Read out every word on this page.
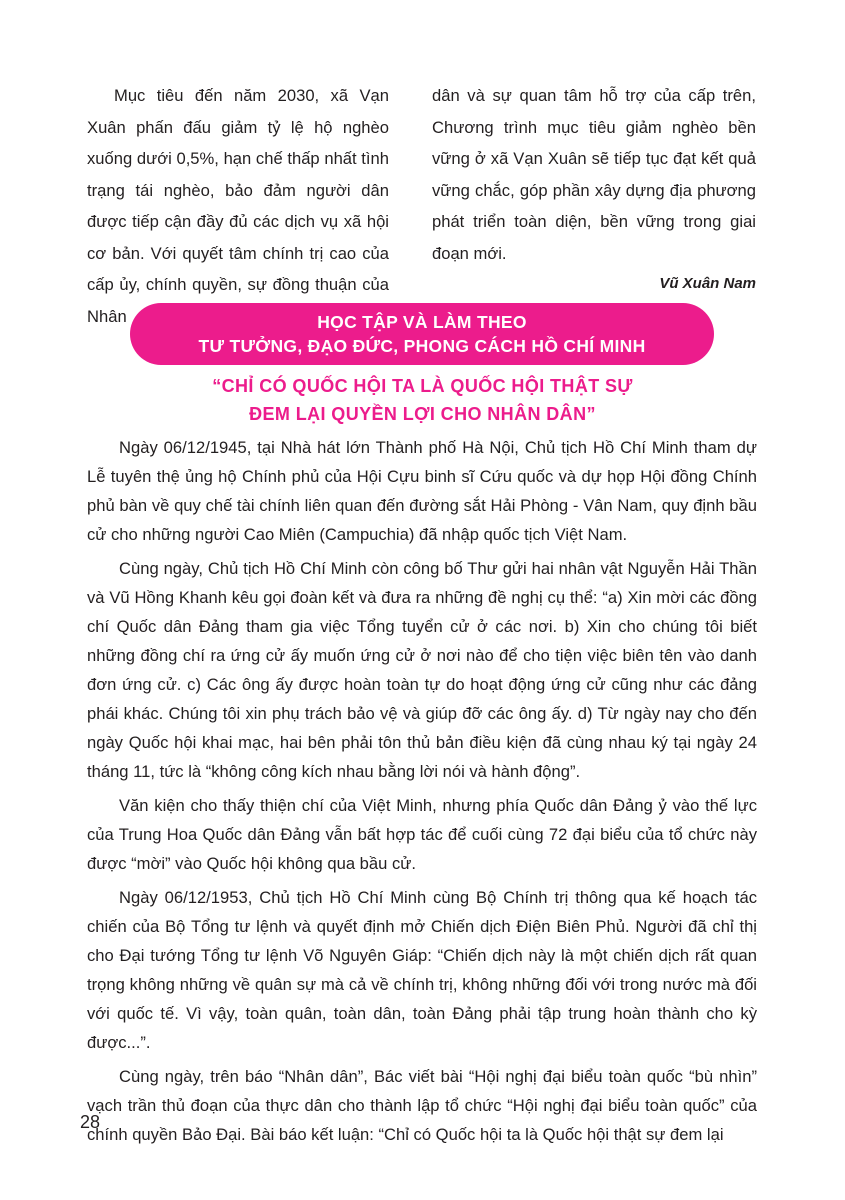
Mục tiêu đến năm 2030, xã Vạn Xuân phấn đấu giảm tỷ lệ hộ nghèo xuống dưới 0,5%, hạn chế thấp nhất tình trạng tái nghèo, bảo đảm người dân được tiếp cận đầy đủ các dịch vụ xã hội cơ bản. Với quyết tâm chính trị cao của cấp ủy, chính quyền, sự đồng thuận của Nhân

dân và sự quan tâm hỗ trợ của cấp trên, Chương trình mục tiêu giảm nghèo bền vững ở xã Vạn Xuân sẽ tiếp tục đạt kết quả vững chắc, góp phần xây dựng địa phương phát triển toàn diện, bền vững trong giai đoạn mới.

Vũ Xuân Nam

HỌC TẬP VÀ LÀM THEO
TƯ TƯỞNG, ĐẠO ĐỨC, PHONG CÁCH HỒ CHÍ MINH
“CHỈ CÓ QUỐC HỘI TA LÀ QUỐC HỘI THẬT SỰ
ĐEM LẠI QUYỀN LỢI CHO NHÂN DÂN”

Ngày 06/12/1945, tại Nhà hát lớn Thành phố Hà Nội, Chủ tịch Hồ Chí Minh tham dự Lễ tuyên thệ ủng hộ Chính phủ của Hội Cựu binh sĩ Cứu quốc và dự họp Hội đồng Chính phủ bàn về quy chế tài chính liên quan đến đường sắt Hải Phòng - Vân Nam, quy định bầu cử cho những người Cao Miên (Campuchia) đã nhập quốc tịch Việt Nam.

Cùng ngày, Chủ tịch Hồ Chí Minh còn công bố Thư gửi hai nhân vật Nguyễn Hải Thần và Vũ Hồng Khanh kêu gọi đoàn kết và đưa ra những đề nghị cụ thể: “a) Xin mời các đồng chí Quốc dân Đảng tham gia việc Tổng tuyển cử ở các nơi. b) Xin cho chúng tôi biết những đồng chí ra ứng cử ấy muốn ứng cử ở nơi nào để cho tiện việc biên tên vào danh đơn ứng cử. c) Các ông ấy được hoàn toàn tự do hoạt động ứng cử cũng như các đảng phái khác. Chúng tôi xin phụ trách bảo vệ và giúp đỡ các ông ấy. d) Từ ngày nay cho đến ngày Quốc hội khai mạc, hai bên phải tôn thủ bản điều kiện đã cùng nhau ký tại ngày 24 tháng 11, tức là “không công kích nhau bằng lời nói và hành động”.

Văn kiện cho thấy thiện chí của Việt Minh, nhưng phía Quốc dân Đảng ỷ vào thế lực của Trung Hoa Quốc dân Đảng vẫn bất hợp tác để cuối cùng 72 đại biểu của tổ chức này được “mời” vào Quốc hội không qua bầu cử.

Ngày 06/12/1953, Chủ tịch Hồ Chí Minh cùng Bộ Chính trị thông qua kế hoạch tác chiến của Bộ Tổng tư lệnh và quyết định mở Chiến dịch Điện Biên Phủ. Người đã chỉ thị cho Đại tướng Tổng tư lệnh Võ Nguyên Giáp: “Chiến dịch này là một chiến dịch rất quan trọng không những về quân sự mà cả về chính trị, không những đối với trong nước mà đối với quốc tế. Vì vậy, toàn quân, toàn dân, toàn Đảng phải tập trung hoàn thành cho kỳ được...”.

Cùng ngày, trên báo “Nhân dân”, Bác viết bài “Hội nghị đại biểu toàn quốc “bù nhìn” vạch trần thủ đoạn của thực dân cho thành lập tổ chức “Hội nghị đại biểu toàn quốc” của chính quyền Bảo Đại. Bài báo kết luận: “Chỉ có Quốc hội ta là Quốc hội thật sự đem lại

28
